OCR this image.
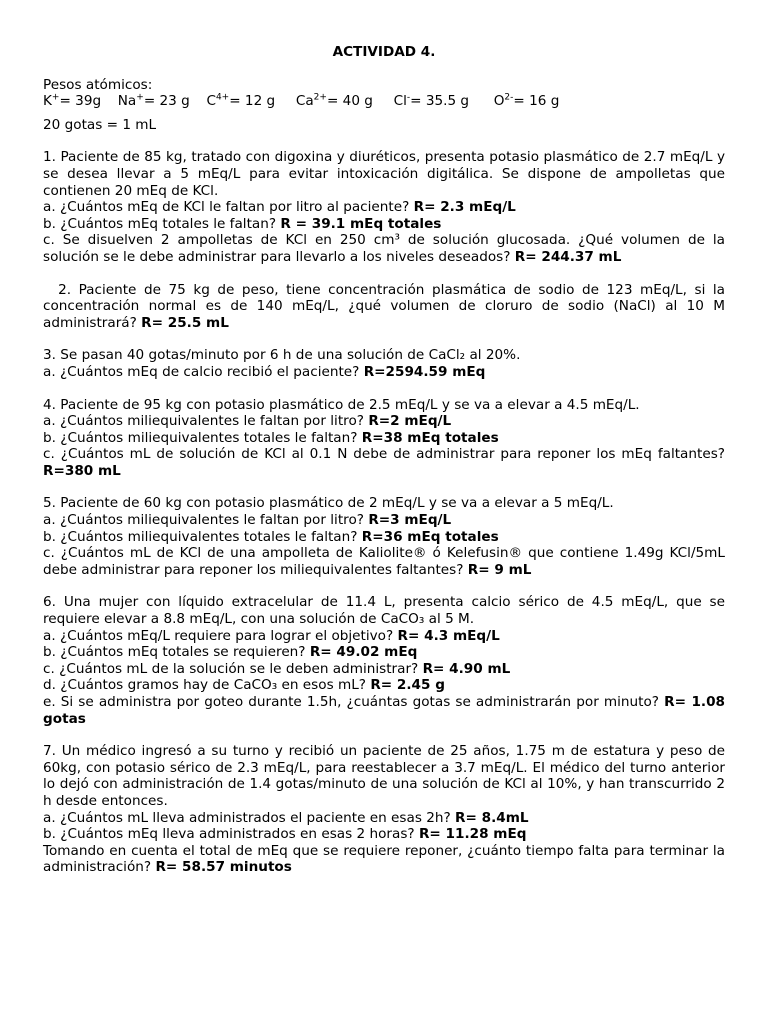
ACTIVIDAD 4.

Pesos atómicos:

K+= 39g Na+= 23 g $C^{4+}= 12$ g $Ca^{2+}= 40$ g Cl-= 35.5 g $O^{2-}= 16$ g

20 gotas = 1 mL

1. Paciente de 85 kg, tratado con digoxina y diuréticos, presenta potasio plasmático de 2.7 mEq/L y se desea llevar a 5 mEq/L para evitar intoxicación digitálica. Se dispone de ampolletas que contienen 20 mEq de KCl.

a. ¿Cuántos mEq de KCl le faltan por litro al paciente? R= 2.3 mEq/L

b. ¿Cuántos mEq totales le faltan? R = 39.1 mEq totales

c. Se disuelven 2 ampolletas de KCl en 250 cm³ de solución glucosada. ¿Qué volumen de la solución se le debe administrar para llevarlo a los niveles deseados? R= 244.37 mL

2. Paciente de 75 kg de peso, tiene concentración plasmática de sodio de 123 mEq/L, si la concentración normal es de 140 mEq/L, ¿qué volumen de cloruro de sodio (NaCl) al 10 M administrará? R= 25.5 mL

3. Se pasan 40 gotas/minuto por 6 h de una solución de CaCl₂ al 20%.

a. ¿Cuántos mEq de calcio recibió el paciente? R=2594.59 mEq

4. Paciente de 95 kg con potasio plasmático de 2.5 mEq/L y se va a elevar a 4.5 mEq/L.

a. ¿Cuántos miliequivalentes le faltan por litro? R=2 mEq/L

b. ¿Cuántos miliequivalentes totales le faltan? R=38 mEq totales

c. ¿Cuántos mL de solución de KCl al 0.1 N debe de administrar para reponer los mEq faltantes? R=380 mL

5. Paciente de 60 kg con potasio plasmático de 2 mEq/L y se va a elevar a 5 mEq/L.

a. ¿Cuántos miliequivalentes le faltan por litro? R=3 mEq/L

b. ¿Cuántos miliequivalentes totales le faltan? R=36 mEq totales

c. ¿Cuántos mL de KCl de una ampolleta de Kaliolite® ó Kelefusin® que contiene 1.49g KCl/5mL debe administrar para reponer los miliequivalentes faltantes? R= 9 mL

6. Una mujer con líquido extracelular de 11.4 L, presenta calcio sérico de 4.5 mEq/L, que se requiere elevar a 8.8 mEq/L, con una solución de CaCO₃ al 5 M.

a. ¿Cuántos mEq/L requiere para lograr el objetivo? R= 4.3 mEq/L

b. ¿Cuántos mEq totales se requieren? R= 49.02 mEq

c. ¿Cuántos mL de la solución se le deben administrar? R= 4.90 mL

d. ¿Cuántos gramos hay de CaCO₃ en esos mL? R= 2.45 g

e. Si se administra por goteo durante 1.5h, ¿cuántas gotas se administrarán por minuto? R= 1.08 gotas

7. Un médico ingresó a su turno y recibió un paciente de 25 años, 1.75 m de estatura y peso de 60kg, con potasio sérico de 2.3 mEq/L, para reestablecer a 3.7 mEq/L. El médico del turno anterior lo dejó con administración de 1.4 gotas/minuto de una solución de KCl al 10%, y han transcurrido 2 h desde entonces.

a. ¿Cuántos mL lleva administrados el paciente en esas 2h? R= 8.4mL

b. ¿Cuántos mEq lleva administrados en esas 2 horas? R= 11.28 mEq

Tomando en cuenta el total de mEq que se requiere reponer, ¿cuánto tiempo falta para terminar la administración? R= 58.57 minutos
